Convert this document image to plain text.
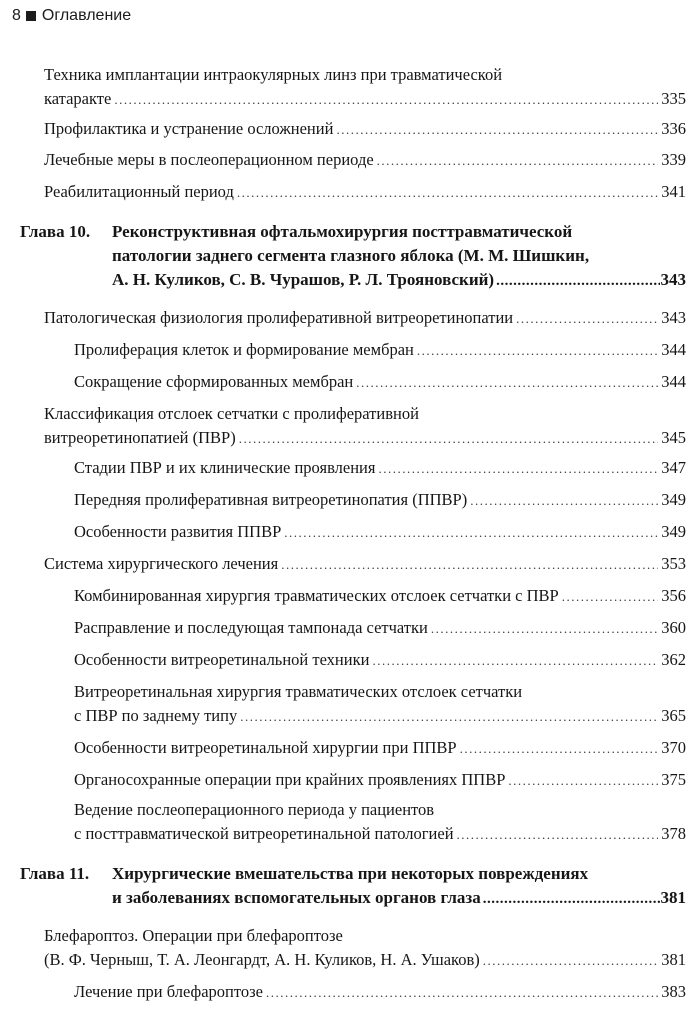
8 Оглавление
Техника имплантации интраокулярных линз при травматической
катаракте .....	335
Профилактика и устранение осложнений .....	336
Лечебные меры в послеоперационном периоде .....	339
Реабилитационный период .....	341
Глава 10. Реконструктивная офтальмохирургия посттравматической
патологии заднего сегмента глазного яблока (М. М. Шишкин,
А. Н. Куликов, С. В. Чурашов, Р. Л. Трояновский) .....	343
Патологическая физиология пролиферативной витреоретинопатии .....	343
Пролиферация клеток и формирование мембран .....	344
Сокращение сформированных мембран .....	344
Классификация отслоек сетчатки с пролиферативной
витреоретинопатией (ПВР) .....	345
Стадии ПВР и их клинические проявления .....	347
Передняя пролиферативная витреоретинопатия (ППВР) .....	349
Особенности развития ППВР .....	349
Система хирургического лечения .....	353
Комбинированная хирургия травматических отслоек сетчатки с ПВР .....	356
Расправление и последующая тампонада сетчатки .....	360
Особенности витреоретинальной техники .....	362
Витреоретинальная хирургия травматических отслоек сетчатки
с ПВР по заднему типу .....	365
Особенности витреоретинальной хирургии при ППВР .....	370
Органосохранные операции при крайних проявлениях ППВР .....	375
Ведение послеоперационного периода у пациентов
с посттравматической витреоретинальной патологией .....	378
Глава 11. Хирургические вмешательства при некоторых повреждениях
и заболеваниях вспомогательных органов глаза .....	381
Блефароптоз. Операции при блефароптозе
(В. Ф. Черныш, Т. А. Леонгардт, А. Н. Куликов, Н. А. Ушаков) .....	381
Лечение при блефароптозе .....	383
